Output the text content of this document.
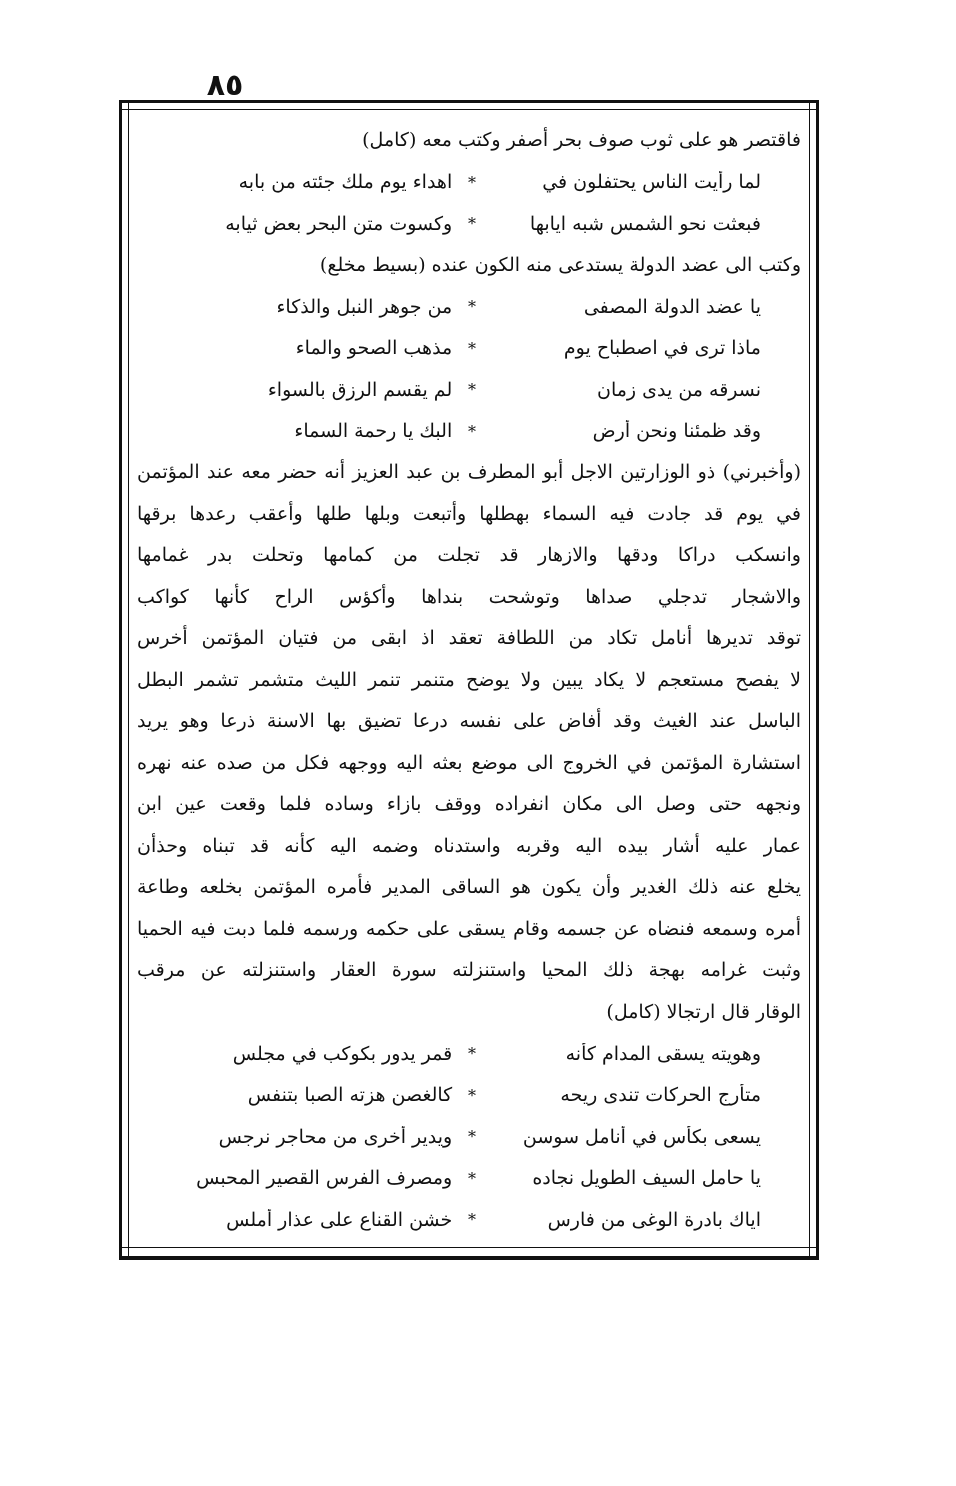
٨٥
فاقتصر هو على ثوب صوف بحر أصفر وكتب معه (كامل)
لما رأيت الناس يحتفلون في
*
اهداء يوم ملك جئته من بابه
فبعثت نحو الشمس شبه ايابها
*
وكسوت متن البحر بعض ثيابه
وكتب الى عضد الدولة يستدعى منه الكون عنده (بسيط مخلع)
يا عضد الدولة المصفى
*
من جوهر النبل والذكاء
ماذا ترى في اصطباح يوم
*
مذهب الصحو والماء
نسرقه من يدى زمان
*
لم يقسم الرزق بالسواء
وقد ظمئنا ونحن أرض
*
البك يا رحمة السماء
(وأخبرني) ذو الوزارتين الاجل أبو المطرف بن عبد العزيز أنه حضر معه عند المؤتمن
في يوم قد جادت فيه السماء بهطلها وأتبعت وبلها طلها وأعقب رعدها برقها
وانسكب دراكا ودقها والازهار قد تجلت من كمامها وتحلت بدر غمامها
والاشجار تدجلي صداها وتوشحت بنداها وأكؤس الراح كأنها كواكب
توقد تديرها أنامل تكاد من اللطافة تعقد اذ ابقى من فتيان المؤتمن أخرس
لا يفصح مستعجم لا يكاد يبين ولا يوضح متنمر تنمر الليث متشمر تشمر البطل
الباسل عند الغيث وقد أفاض على نفسه درعا تضيق بها الاسنة ذرعا وهو يريد
استشارة المؤتمن في الخروج الى موضع بعثه اليه ووجهه فكل من صده عنه نهره
ونجهه حتى وصل الى مكان انفراده ووقف بازاء وساده فلما وقعت عين ابن
عمار عليه أشار بيده اليه وقربه واستدناه وضمه اليه كأنه قد تبناه وحذأن
يخلع عنه ذلك الغدير وأن يكون هو الساقى المدير فأمره المؤتمن بخلعه وطاعة
أمره وسمعه فنضاه عن جسمه وقام يسقى على حكمه ورسمه فلما دبت فيه الحميا
وثبت غرامه بهجة ذلك المحيا واستنزلته سورة العقار واستنزلته عن مرقب
الوقار قال ارتجالا (كامل)
وهويته يسقى المدام كأنه
*
قمر يدور بكوكب في مجلس
متأرج الحركات تندى ريحه
*
كالغصن هزته الصبا بتنفس
يسعى بكأس في أنامل سوسن
*
ويدير أخرى من محاجر نرجس
يا حامل السيف الطويل نجاده
*
ومصرف الفرس القصير المحبس
اياك بادرة الوغى من فارس
*
خشن القناع على عذار أملس
